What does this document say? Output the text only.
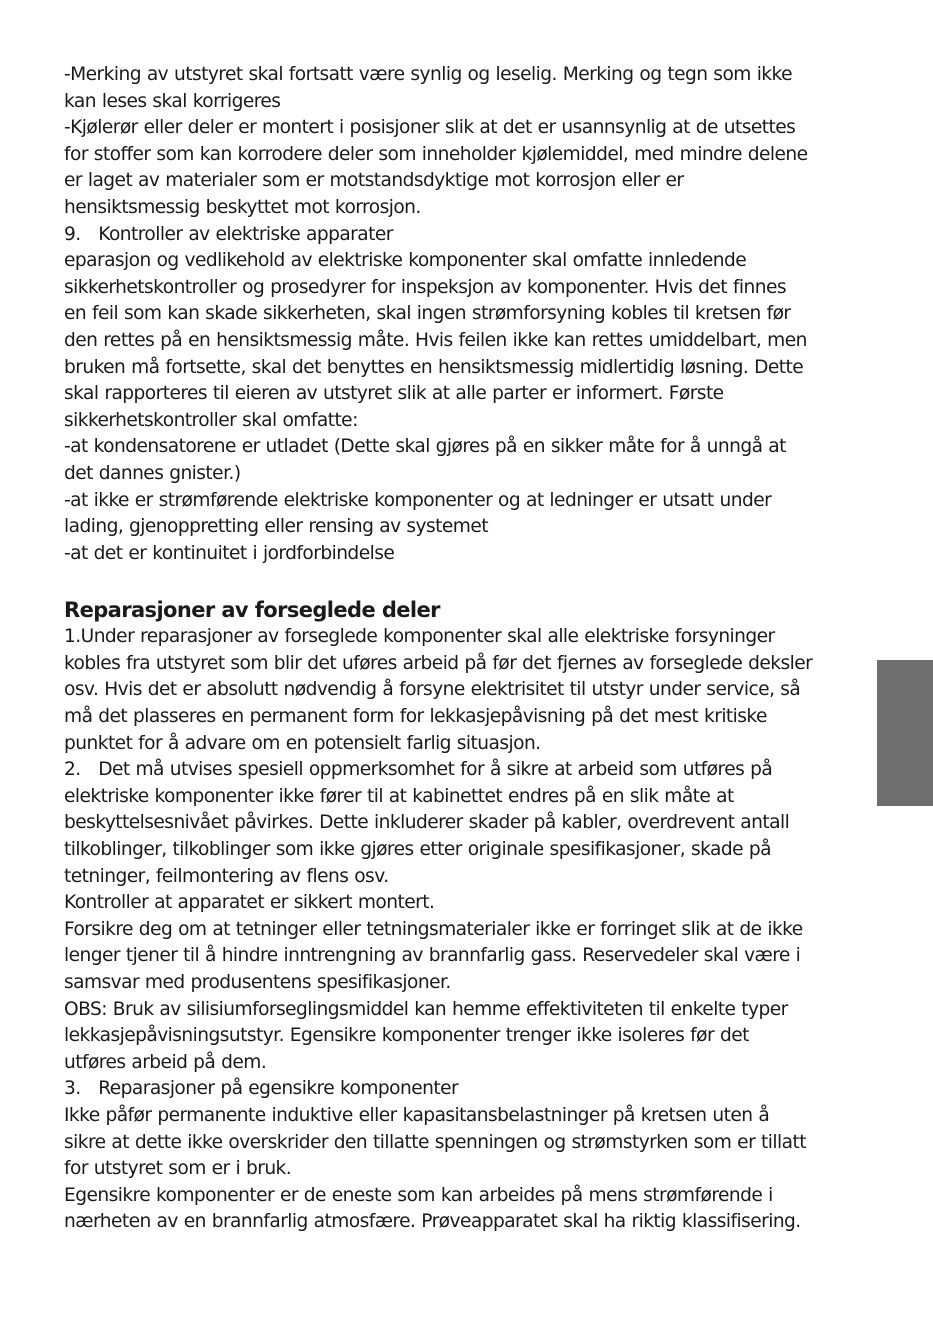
-Merking av utstyret skal fortsatt være synlig og leselig. Merking og tegn som ikke
kan leses skal korrigeres
-Kjølerør eller deler er montert i posisjoner slik at det er usannsynlig at de utsettes
for stoffer som kan korrodere deler som inneholder kjølemiddel, med mindre delene
er laget av materialer som er motstandsdyktige mot korrosjon eller er
hensiktsmessig beskyttet mot korrosjon.
9.   Kontroller av elektriske apparater
eparasjon og vedlikehold av elektriske komponenter skal omfatte innledende
sikkerhetskontroller og prosedyrer for inspeksjon av komponenter. Hvis det finnes
en feil som kan skade sikkerheten, skal ingen strømforsyning kobles til kretsen før
den rettes på en hensiktsmessig måte. Hvis feilen ikke kan rettes umiddelbart, men
bruken må fortsette, skal det benyttes en hensiktsmessig midlertidig løsning. Dette
skal rapporteres til eieren av utstyret slik at alle parter er informert. Første
sikkerhetskontroller skal omfatte:
-at kondensatorene er utladet (Dette skal gjøres på en sikker måte for å unngå at
det dannes gnister.)
-at ikke er strømførende elektriske komponenter og at ledninger er utsatt under
lading, gjenoppretting eller rensing av systemet
-at det er kontinuitet i jordforbindelse
Reparasjoner av forseglede deler
1.Under reparasjoner av forseglede komponenter skal alle elektriske forsyninger
kobles fra utstyret som blir det uføres arbeid på før det fjernes av forseglede deksler
osv. Hvis det er absolutt nødvendig å forsyne elektrisitet til utstyr under service, så
må det plasseres en permanent form for lekkasjepåvisning på det mest kritiske
punktet for å advare om en potensielt farlig situasjon.
2.   Det må utvises spesiell oppmerksomhet for å sikre at arbeid som utføres på
elektriske komponenter ikke fører til at kabinettet endres på en slik måte at
beskyttelsesnivået påvirkes. Dette inkluderer skader på kabler, overdrevent antall
tilkoblinger, tilkoblinger som ikke gjøres etter originale spesifikasjoner, skade på
tetninger, feilmontering av flens osv.
Kontroller at apparatet er sikkert montert.
Forsikre deg om at tetninger eller tetningsmaterialer ikke er forringet slik at de ikke
lenger tjener til å hindre inntrengning av brannfarlig gass. Reservedeler skal være i
samsvar med produsentens spesifikasjoner.
OBS: Bruk av silisiumforseglingsmiddel kan hemme effektiviteten til enkelte typer
lekkasjepåvisningsutstyr. Egensikre komponenter trenger ikke isoleres før det
utføres arbeid på dem.
3.   Reparasjoner på egensikre komponenter
Ikke påfør permanente induktive eller kapasitansbelastninger på kretsen uten å
sikre at dette ikke overskrider den tillatte spenningen og strømstyrken som er tillatt
for utstyret som er i bruk.
Egensikre komponenter er de eneste som kan arbeides på mens strømførende i
nærheten av en brannfarlig atmosfære. Prøveapparatet skal ha riktig klassifisering.
